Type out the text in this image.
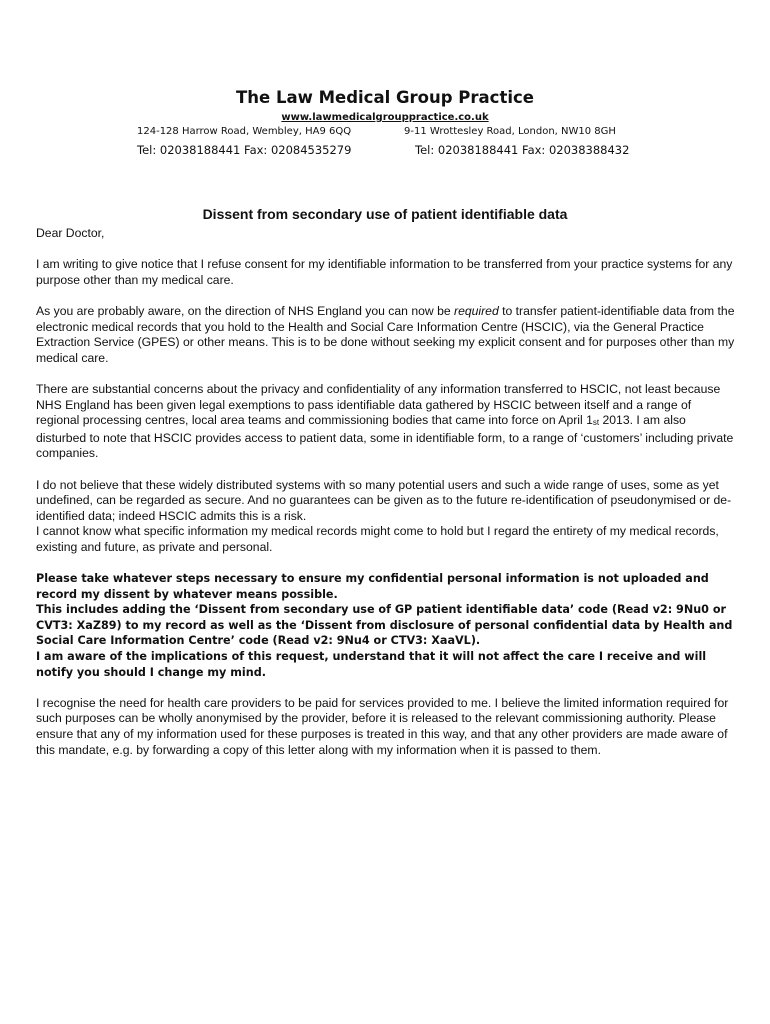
The Law Medical Group Practice
www.lawmedicalgrouppractice.co.uk
124-128 Harrow Road, Wembley, HA9 6QQ	9-11 Wrottesley Road, London, NW10 8GH
Tel: 02038188441 Fax: 02084535279	Tel: 02038188441 Fax: 02038388432
Dissent from secondary use of patient identifiable data

Dear Doctor,

I am writing to give notice that I refuse consent for my identifiable information to be transferred from your practice systems for any purpose other than my medical care.

As you are probably aware, on the direction of NHS England you can now be required to transfer patient-identifiable data from the electronic medical records that you hold to the Health and Social Care Information Centre (HSCIC), via the General Practice Extraction Service (GPES) or other means. This is to be done without seeking my explicit consent and for purposes other than my medical care.

There are substantial concerns about the privacy and confidentiality of any information transferred to HSCIC, not least because NHS England has been given legal exemptions to pass identifiable data gathered by HSCIC between itself and a range of regional processing centres, local area teams and commissioning bodies that came into force on April $1_{st}$ 2013. I am also disturbed to note that HSCIC provides access to patient data, some in identifiable form, to a range of ‘customers’ including private companies.

I do not believe that these widely distributed systems with so many potential users and such a wide range of uses, some as yet undefined, can be regarded as secure. And no guarantees can be given as to the future re-identification of pseudonymised or de-identified data; indeed HSCIC admits this is a risk.

I cannot know what specific information my medical records might come to hold but I regard the entirety of my medical records, existing and future, as private and personal.

Please take whatever steps necessary to ensure my confidential personal information is not uploaded and record my dissent by whatever means possible.

This includes adding the ‘Dissent from secondary use of GP patient identifiable data’ code (Read v2: 9Nu0 or CVT3: XaZ89) to my record as well as the ‘Dissent from disclosure of personal confidential data by Health and Social Care Information Centre’ code (Read v2: 9Nu4 or CTV3: XaaVL).

I am aware of the implications of this request, understand that it will not affect the care I receive and will notify you should I change my mind.

I recognise the need for health care providers to be paid for services provided to me. I believe the limited information required for such purposes can be wholly anonymised by the provider, before it is released to the relevant commissioning authority. Please ensure that any of my information used for these purposes is treated in this way, and that any other providers are made aware of this mandate, e.g. by forwarding a copy of this letter along with my information when it is passed to them.
